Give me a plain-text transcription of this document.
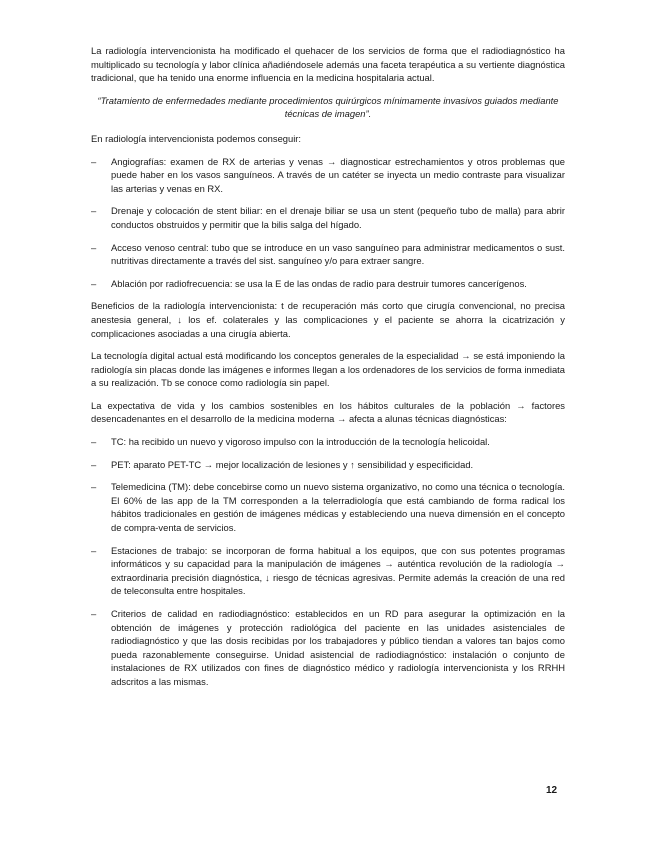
La radiología intervencionista ha modificado el quehacer de los servicios de forma que el radiodiagnóstico ha multiplicado su tecnología y labor clínica añadiéndosele además una faceta terapéutica a su vertiente diagnóstica tradicional, que ha tenido una enorme influencia en la medicina hospitalaria actual.

“Tratamiento de enfermedades mediante procedimientos quirúrgicos mínimamente invasivos guiados mediante técnicas de imagen”.

En radiología intervencionista podemos conseguir:

– Angiografías: examen de RX de arterias y venas → diagnosticar estrechamientos y otros problemas que puede haber en los vasos sanguíneos. A través de un catéter se inyecta un medio contraste para visualizar las arterias y venas en RX.
– Drenaje y colocación de stent biliar: en el drenaje biliar se usa un stent (pequeño tubo de malla) para abrir conductos obstruidos y permitir que la bilis salga del hígado.
– Acceso venoso central: tubo que se introduce en un vaso sanguíneo para administrar medicamentos o sust. nutritivas directamente a través del sist. sanguíneo y/o para extraer sangre.
– Ablación por radiofrecuencia: se usa la E de las ondas de radio para destruir tumores cancerígenos.

Beneficios de la radiología intervencionista: t de recuperación más corto que cirugía convencional, no precisa anestesia general, ↓ los ef. colaterales y las complicaciones y el paciente se ahorra la cicatrización y complicaciones asociadas a una cirugía abierta.

La tecnología digital actual está modificando los conceptos generales de la especialidad → se está imponiendo la radiología sin placas donde las imágenes e informes llegan a los ordenadores de los servicios de forma inmediata a su realización. Tb se conoce como radiología sin papel.

La expectativa de vida y los cambios sostenibles en los hábitos culturales de la población → factores desencadenantes en el desarrollo de la medicina moderna → afecta a alunas técnicas diagnósticas:

– TC: ha recibido un nuevo y vigoroso impulso con la introducción de la tecnología helicoidal.
– PET: aparato PET-TC → mejor localización de lesiones y ↑ sensibilidad y especificidad.
– Telemedicina (TM): debe concebirse como un nuevo sistema organizativo, no como una técnica o tecnología. El 60% de las app de la TM corresponden a la telerradiología que está cambiando de forma radical los hábitos tradicionales en gestión de imágenes médicas y estableciendo una nueva dimensión en el concepto de compra-venta de servicios.
– Estaciones de trabajo: se incorporan de forma habitual a los equipos, que con sus potentes programas informáticos y su capacidad para la manipulación de imágenes → auténtica revolución de la radiología → extraordinaria precisión diagnóstica, ↓ riesgo de técnicas agresivas. Permite además la creación de una red de teleconsulta entre hospitales.
– Criterios de calidad en radiodiagnóstico: establecidos en un RD para asegurar la optimización en la obtención de imágenes y protección radiológica del paciente en las unidades asistenciales de radiodiagnóstico y que las dosis recibidas por los trabajadores y público tiendan a valores tan bajos como pueda razonablemente conseguirse. Unidad asistencial de radiodiagnóstico: instalación o conjunto de instalaciones de RX utilizados con fines de diagnóstico médico y radiología intervencionista y los RRHH adscritos a las mismas.
12
